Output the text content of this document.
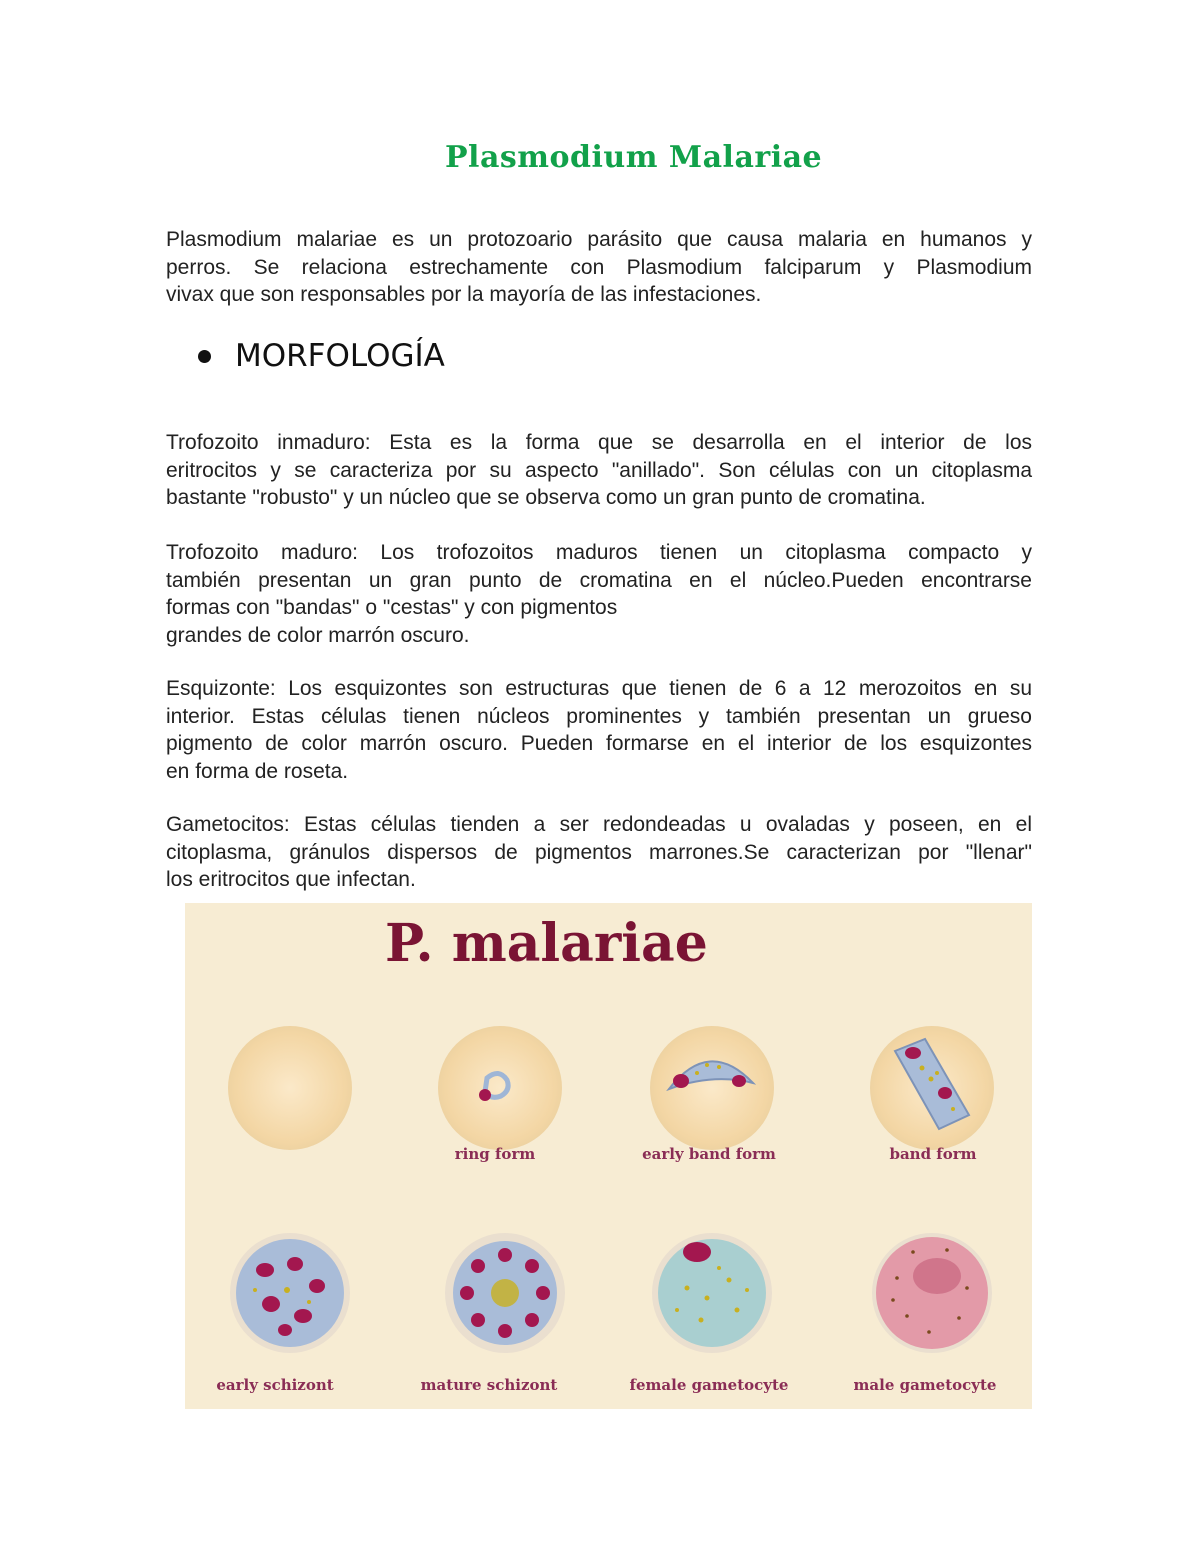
Plasmodium Malariae
Plasmodium malariae es un protozoario parásito que causa malaria en humanos y
perros. Se relaciona estrechamente con Plasmodium falciparum y Plasmodium
vivax que son responsables por la mayoría de las infestaciones.
MORFOLOGÍA
Trofozoito inmaduro: Esta es la forma que se desarrolla en el interior de los
eritrocitos y se caracteriza por su aspecto "anillado". Son células con un citoplasma
bastante "robusto" y un núcleo que se observa como un gran punto de cromatina.
Trofozoito maduro: Los trofozoitos maduros tienen un citoplasma compacto y
también presentan un gran punto de cromatina en el núcleo.Pueden encontrarse
formas con "bandas" o "cestas" y con pigmentos
grandes de color marrón oscuro.
Esquizonte: Los esquizontes son estructuras que tienen de 6 a 12 merozoitos en su
interior. Estas células tienen núcleos prominentes y también presentan un grueso
pigmento de color marrón oscuro. Pueden formarse en el interior de los esquizontes
en forma de roseta.
Gametocitos: Estas células tienden a ser redondeadas u ovaladas y poseen, en el
citoplasma, gránulos dispersos de pigmentos marrones.Se caracterizan por "llenar"
los eritrocitos que infectan.
P. malariae
ring form	early band form	band form
early schizont	mature schizont	female gametocyte	male gametocyte
